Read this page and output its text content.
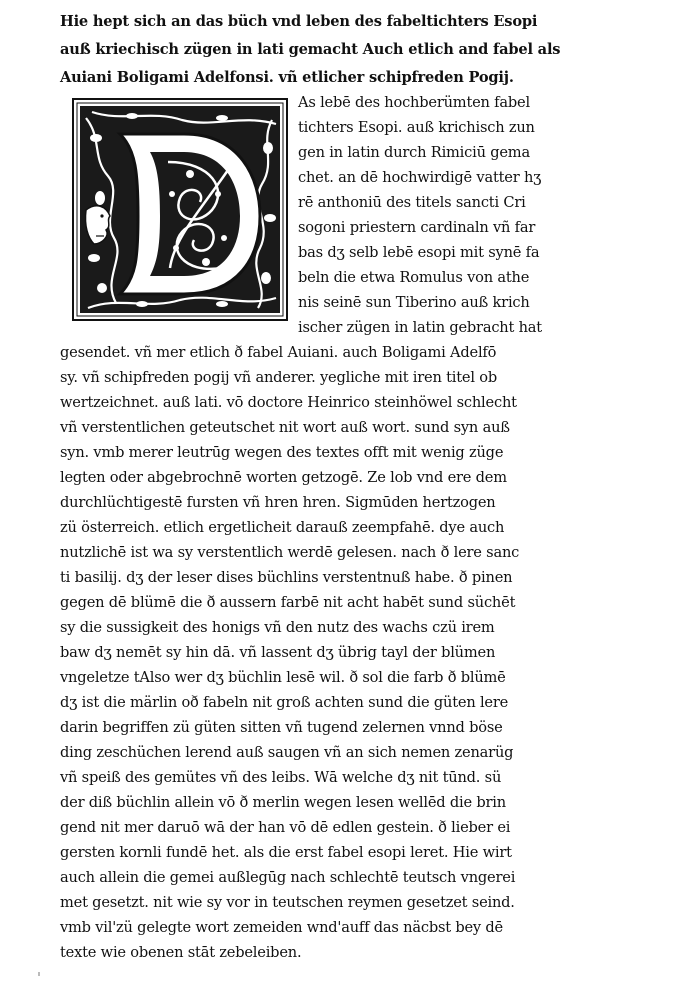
Hie hept sich an das büch vnd leben des fabeltichters Esopi
auß kriechisch zügen in lati gemacht Auch etlich and fabel als
Auiani Boligami Adelfonsi. vñ etlicher schipfreden Pogij.
As lebē des hochberümten fabel
tichters Esopi. auß krichisch zun
gen in latin durch Rimiciū gema
chet. an dē hochwirdigē vatter hʒ
rē anthoniū des titels sancti Cri
sogoni priestern cardinaln vñ far
bas dʒ selb lebē esopi mit synē fa
beln die etwa Romulus von athe
nis seinē sun Tiberino auß krich
ischer zügen in latin gebracht hat
gesendet. vñ mer etlich ð fabel Auiani. auch Boligami Adelfō
sy. vñ schipfreden pogij vñ anderer. yegliche mit iren titel ob
wertzeichnet. auß lati. vō doctore Heinrico steinhöwel schlecht
vñ verstentlichen geteutschet nit wort auß wort. sund syn auß
syn. vmb merer leutrūg wegen des textes offt mit wenig züge
legten oder abgebrochnē worten getzogē. Ze lob vnd ere dem
durchlüchtigestē fursten vñ hren hren. Sigmūden hertzogen
zü österreich. etlich ergetlicheit darauß zeempfahē. dye auch
nutzlichē ist wa sy verstentlich werdē gelesen. nach ð lere sanc
ti basilij. dʒ der leser dises büchlins verstentnuß habe. ð pinen
gegen dē blümē die ð aussern farbē nit acht habēt sund süchēt
sy die sussigkeit des honigs vñ den nutz des wachs czü irem
baw dʒ nemēt sy hin dā. vñ lassent dʒ übrig tayl der blümen
vngeletze tAlso wer dʒ büchlin lesē wil. ð sol die farb ð blümē
dʒ ist die märlin oð fabeln nit groß achten sund die güten lere
darin begriffen zü güten sitten vñ tugend zelernen vnnd böse
ding zeschüchen lerend auß saugen vñ an sich nemen zenarüg
vñ speiß des gemütes vñ des leibs. Wā welche dʒ nit tūnd. sü
der diß büchlin allein vō ð merlin wegen lesen wellēd die brin
gend nit mer daruō wā der han vō dē edlen gestein. ð lieber ei
gersten kornli fundē het. als die erst fabel esopi leret. Hie wirt
auch allein die gemei außlegūg nach schlechtē teutsch vngerei
met gesetzt. nit wie sy vor in teutschen reymen gesetzet seind.
vmb vil'zü gelegte wort zemeiden wnd'auff das näcbst bey dē
texte wie obenen stāt zebeleiben.
